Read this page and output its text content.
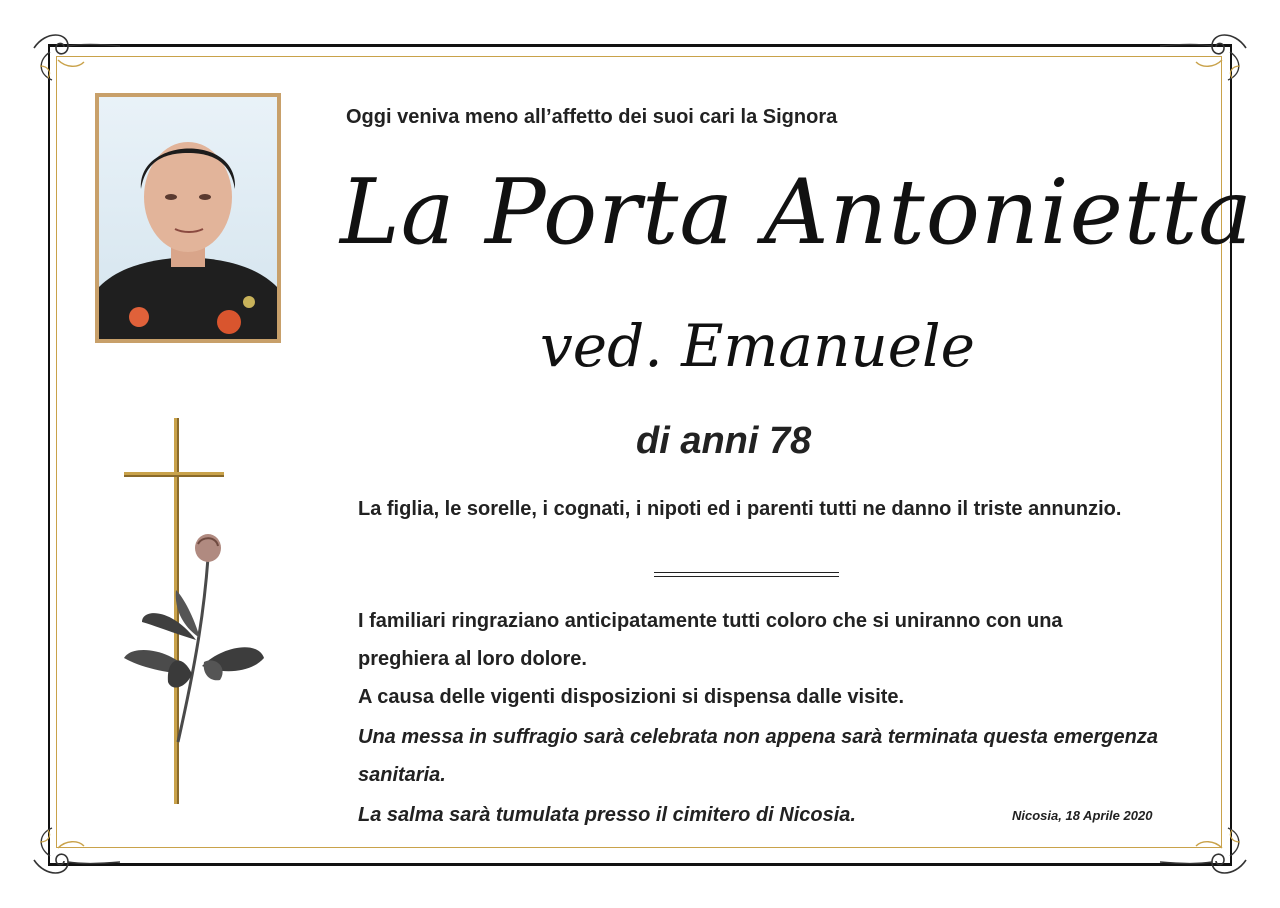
Oggi veniva meno all’affetto dei suoi cari la Signora
La Porta Antonietta
ved. Emanuele
di anni 78
La figlia, le sorelle, i cognati, i nipoti ed i parenti tutti ne danno il triste annunzio.
I familiari ringraziano anticipatamente tutti coloro che si uniranno con una preghiera al loro dolore.
A causa delle vigenti disposizioni si dispensa dalle visite.
Una messa in suffragio sarà celebrata non appena sarà terminata questa emergenza sanitaria.
La salma sarà tumulata presso il cimitero di Nicosia.	Nicosia, 18 Aprile 2020
